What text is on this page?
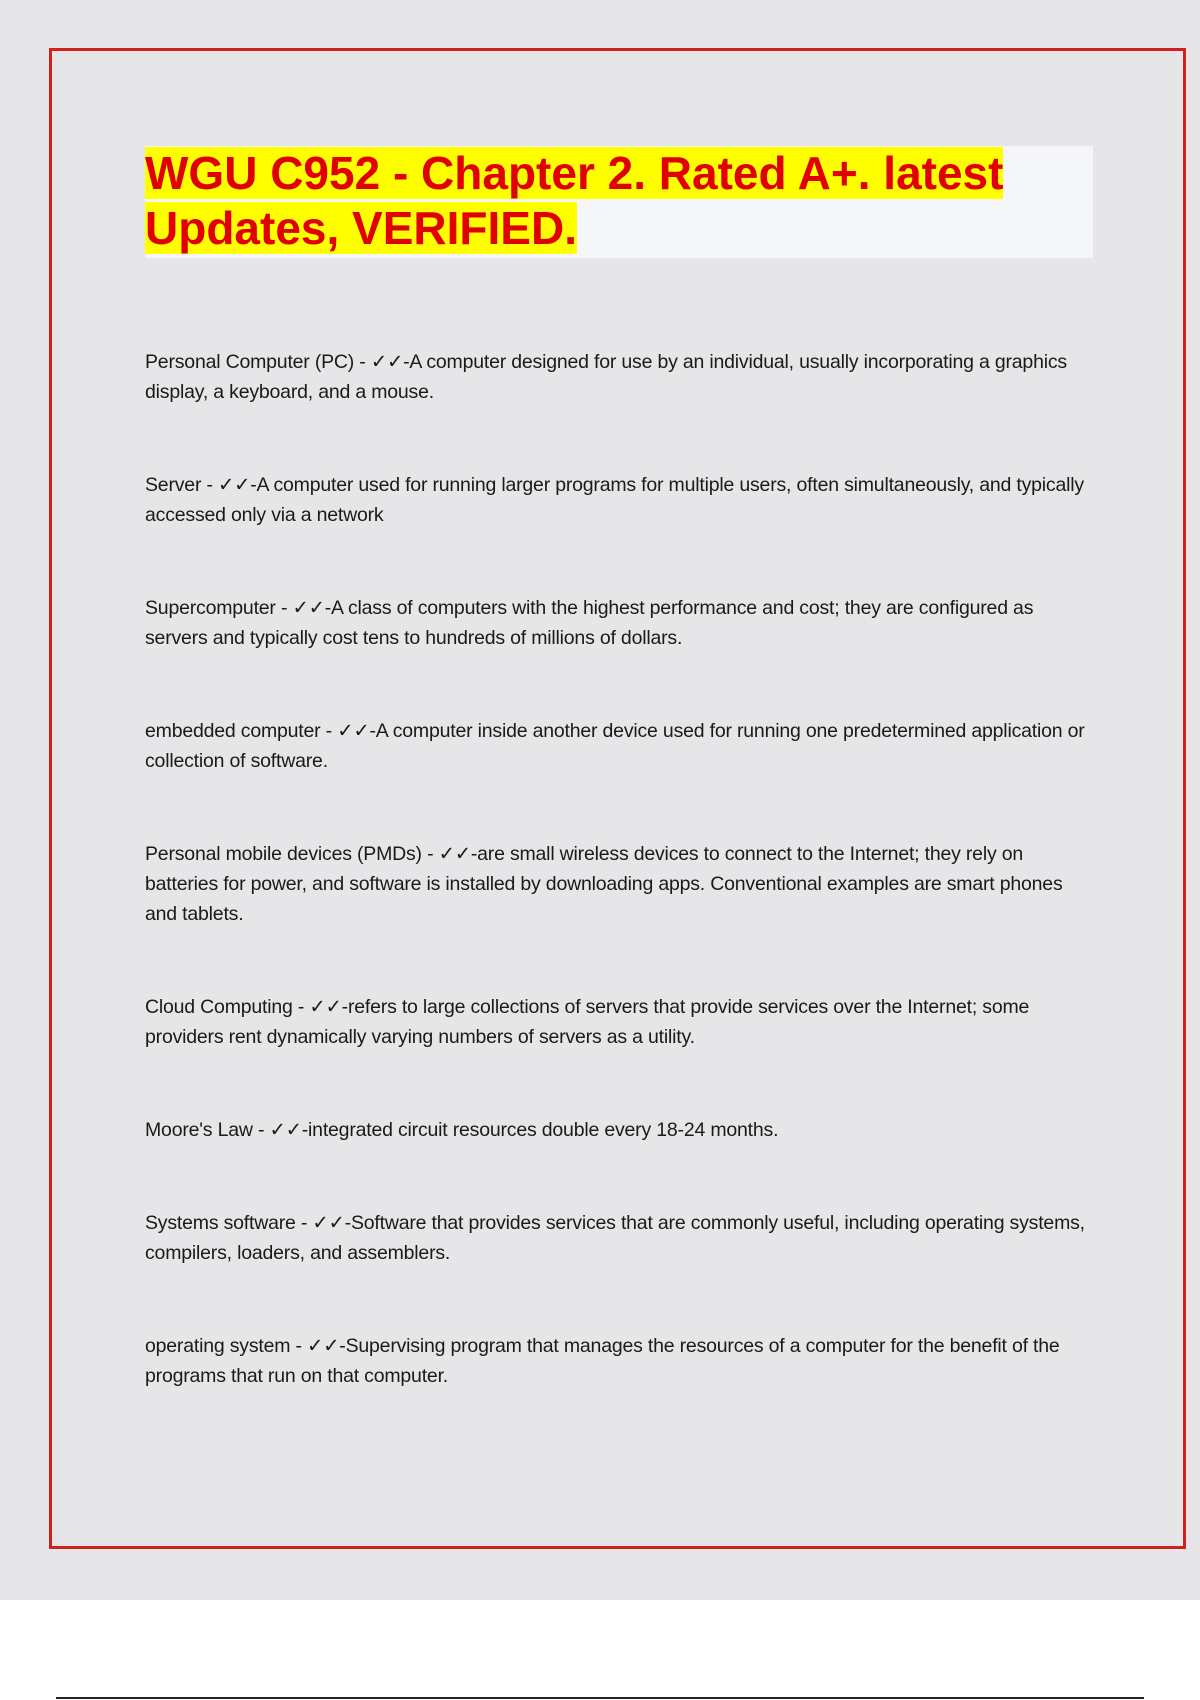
WGU C952 - Chapter 2. Rated A+. latest Updates, VERIFIED.
Personal Computer (PC) - ✓✓-A computer designed for use by an individual, usually incorporating a graphics display, a keyboard, and a mouse.
Server - ✓✓-A computer used for running larger programs for multiple users, often simultaneously, and typically accessed only via a network
Supercomputer - ✓✓-A class of computers with the highest performance and cost; they are configured as servers and typically cost tens to hundreds of millions of dollars.
embedded computer - ✓✓-A computer inside another device used for running one predetermined application or collection of software.
Personal mobile devices (PMDs) - ✓✓-are small wireless devices to connect to the Internet; they rely on batteries for power, and software is installed by downloading apps. Conventional examples are smart phones and tablets.
Cloud Computing - ✓✓-refers to large collections of servers that provide services over the Internet; some providers rent dynamically varying numbers of servers as a utility.
Moore's Law - ✓✓-integrated circuit resources double every 18-24 months.
Systems software - ✓✓-Software that provides services that are commonly useful, including operating systems, compilers, loaders, and assemblers.
operating system - ✓✓-Supervising program that manages the resources of a computer for the benefit of the programs that run on that computer.
